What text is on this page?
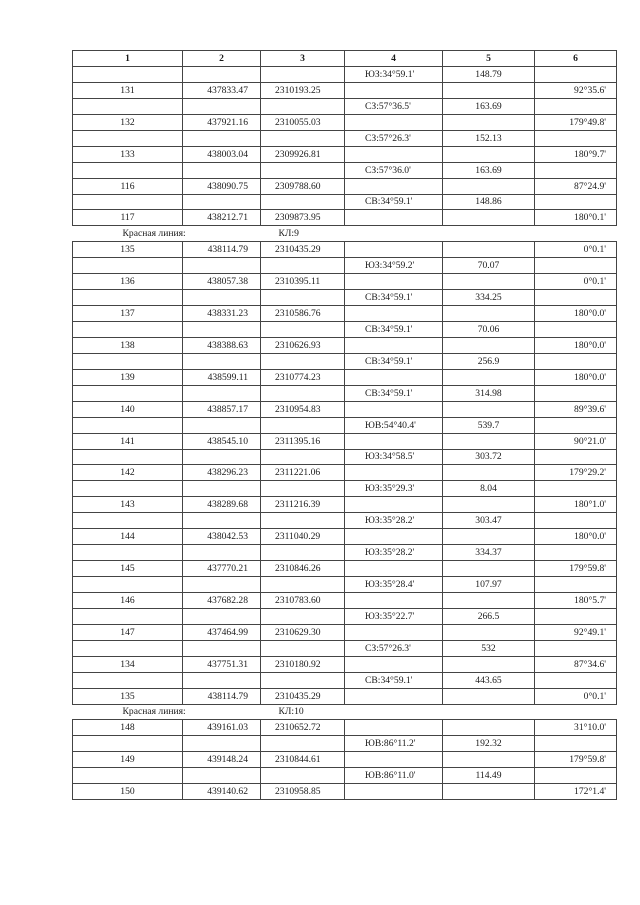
1	2	3	4	5	6
			ЮЗ:34°59.1'	148.79	
131	437833.47	2310193.25			92°35.6'
			СЗ:57°36.5'	163.69	
132	437921.16	2310055.03			179°49.8'
			СЗ:57°26.3'	152.13	
133	438003.04	2309926.81			180°9.7'
			СЗ:57°36.0'	163.69	
116	438090.75	2309788.60			87°24.9'
			СВ:34°59.1'	148.86	
117	438212.71	2309873.95			180°0.1'
Красная линия:		КЛ:9			
135	438114.79	2310435.29			0°0.1'
			ЮЗ:34°59.2'	70.07	
136	438057.38	2310395.11			0°0.1'
			СВ:34°59.1'	334.25	
137	438331.23	2310586.76			180°0.0'
			СВ:34°59.1'	70.06	
138	438388.63	2310626.93			180°0.0'
			СВ:34°59.1'	256.9	
139	438599.11	2310774.23			180°0.0'
			СВ:34°59.1'	314.98	
140	438857.17	2310954.83			89°39.6'
			ЮВ:54°40.4'	539.7	
141	438545.10	2311395.16			90°21.0'
			ЮЗ:34°58.5'	303.72	
142	438296.23	2311221.06			179°29.2'
			ЮЗ:35°29.3'	8.04	
143	438289.68	2311216.39			180°1.0'
			ЮЗ:35°28.2'	303.47	
144	438042.53	2311040.29			180°0.0'
			ЮЗ:35°28.2'	334.37	
145	437770.21	2310846.26			179°59.8'
			ЮЗ:35°28.4'	107.97	
146	437682.28	2310783.60			180°5.7'
			ЮЗ:35°22.7'	266.5	
147	437464.99	2310629.30			92°49.1'
			СЗ:57°26.3'	532	
134	437751.31	2310180.92			87°34.6'
			СВ:34°59.1'	443.65	
135	438114.79	2310435.29			0°0.1'
Красная линия:		КЛ:10			
148	439161.03	2310652.72			31°10.0'
			ЮВ:86°11.2'	192.32	
149	439148.24	2310844.61			179°59.8'
			ЮВ:86°11.0'	114.49	
150	439140.62	2310958.85			172°1.4'
